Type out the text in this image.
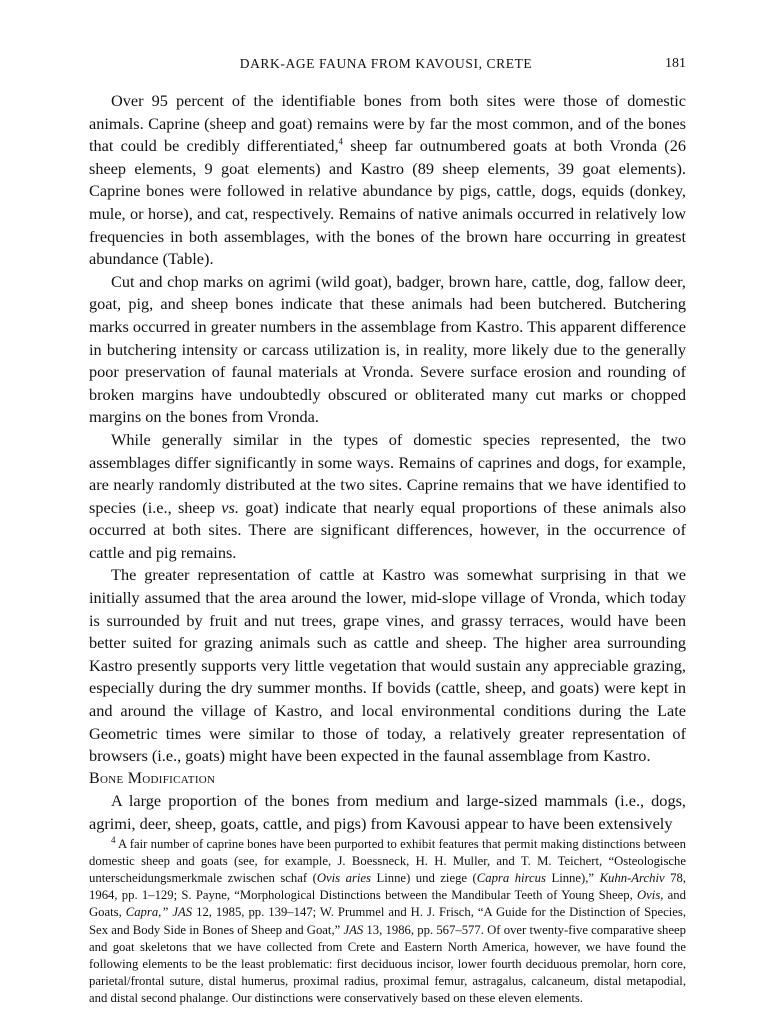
DARK-AGE FAUNA FROM KAVOUSI, CRETE	181

Over 95 percent of the identifiable bones from both sites were those of domestic animals. Caprine (sheep and goat) remains were by far the most common, and of the bones that could be credibly differentiated,$^4$ sheep far outnumbered goats at both Vronda (26 sheep elements, 9 goat elements) and Kastro (89 sheep elements, 39 goat elements). Caprine bones were followed in relative abundance by pigs, cattle, dogs, equids (donkey, mule, or horse), and cat, respectively. Remains of native animals occurred in relatively low frequencies in both assemblages, with the bones of the brown hare occurring in greatest abundance (Table).

Cut and chop marks on agrimi (wild goat), badger, brown hare, cattle, dog, fallow deer, goat, pig, and sheep bones indicate that these animals had been butchered. Butchering marks occurred in greater numbers in the assemblage from Kastro. This apparent difference in butchering intensity or carcass utilization is, in reality, more likely due to the generally poor preservation of faunal materials at Vronda. Severe surface erosion and rounding of broken margins have undoubtedly obscured or obliterated many cut marks or chopped margins on the bones from Vronda.

While generally similar in the types of domestic species represented, the two assemblages differ significantly in some ways. Remains of caprines and dogs, for example, are nearly randomly distributed at the two sites. Caprine remains that we have identified to species (i.e., sheep vs. goat) indicate that nearly equal proportions of these animals also occurred at both sites. There are significant differences, however, in the occurrence of cattle and pig remains.

The greater representation of cattle at Kastro was somewhat surprising in that we initially assumed that the area around the lower, mid-slope village of Vronda, which today is surrounded by fruit and nut trees, grape vines, and grassy terraces, would have been better suited for grazing animals such as cattle and sheep. The higher area surrounding Kastro presently supports very little vegetation that would sustain any appreciable grazing, especially during the dry summer months. If bovids (cattle, sheep, and goats) were kept in and around the village of Kastro, and local environmental conditions during the Late Geometric times were similar to those of today, a relatively greater representation of browsers (i.e., goats) might have been expected in the faunal assemblage from Kastro.

Bone Modification

A large proportion of the bones from medium and large-sized mammals (i.e., dogs, agrimi, deer, sheep, goats, cattle, and pigs) from Kavousi appear to have been extensively

$^4$ A fair number of caprine bones have been purported to exhibit features that permit making distinctions between domestic sheep and goats (see, for example, J. Boessneck, H. H. Muller, and T. M. Teichert, “Osteologische unterscheidungsmerkmale zwischen schaf (Ovis aries Linne) und ziege (Capra hircus Linne),” Kuhn-Archiv 78, 1964, pp. 1–129; S. Payne, “Morphological Distinctions between the Mandibular Teeth of Young Sheep, Ovis, and Goats, Capra,” JAS 12, 1985, pp. 139–147; W. Prummel and H. J. Frisch, “A Guide for the Distinction of Species, Sex and Body Side in Bones of Sheep and Goat,” JAS 13, 1986, pp. 567–577. Of over twenty-five comparative sheep and goat skeletons that we have collected from Crete and Eastern North America, however, we have found the following elements to be the least problematic: first deciduous incisor, lower fourth deciduous premolar, horn core, parietal/frontal suture, distal humerus, proximal radius, proximal femur, astragalus, calcaneum, distal metapodial, and distal second phalange. Our distinctions were conservatively based on these eleven elements.
